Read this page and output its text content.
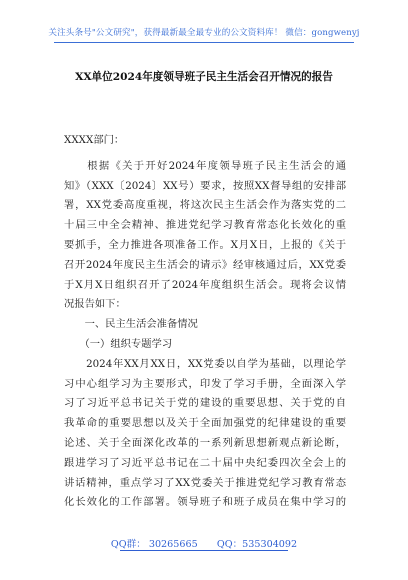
关注头条号"公文研究"，获得最新最全最专业的公文资料库！ 微信：gongwenyj
XX单位2024年度领导班子民主生活会召开情况的报告
XXXX部门：
　　根据《关于开好2024年度领导班子民主生活会的通
知》（XXX〔2024〕XX号）要求，按照XX督导组的安排部
署，XX党委高度重视，将这次民主生活会作为落实党的二
十届三中全会精神、推进党纪学习教育常态化长效化的重
要抓手，全力推进各项准备工作。X月X日，上报的《关于
召开2024年度民主生活会的请示》经审核通过后，XX党委
于X月X日组织召开了2024年度组织生活会。现将会议情
况报告如下：
　　一、民主生活会准备情况
　　（一）组织专题学习
　　2024年XX月XX日，XX党委以自学为基础，以理论学
习中心组学习为主要形式，印发了学习手册，全面深入学
习了习近平总书记关于党的建设的重要思想、关于党的自
我革命的重要思想以及关于全面加强党的纪律建设的重要
论述、关于全面深化改革的一系列新思想新观点新论断，
跟进学习了习近平总书记在二十届中央纪委四次全会上的
讲话精神，重点学习了XX党委关于推进党纪学习教育常态
化长效化的工作部署。领导班子和班子成员在集中学习的
QQ群： 30265665　　QQ：535304092
